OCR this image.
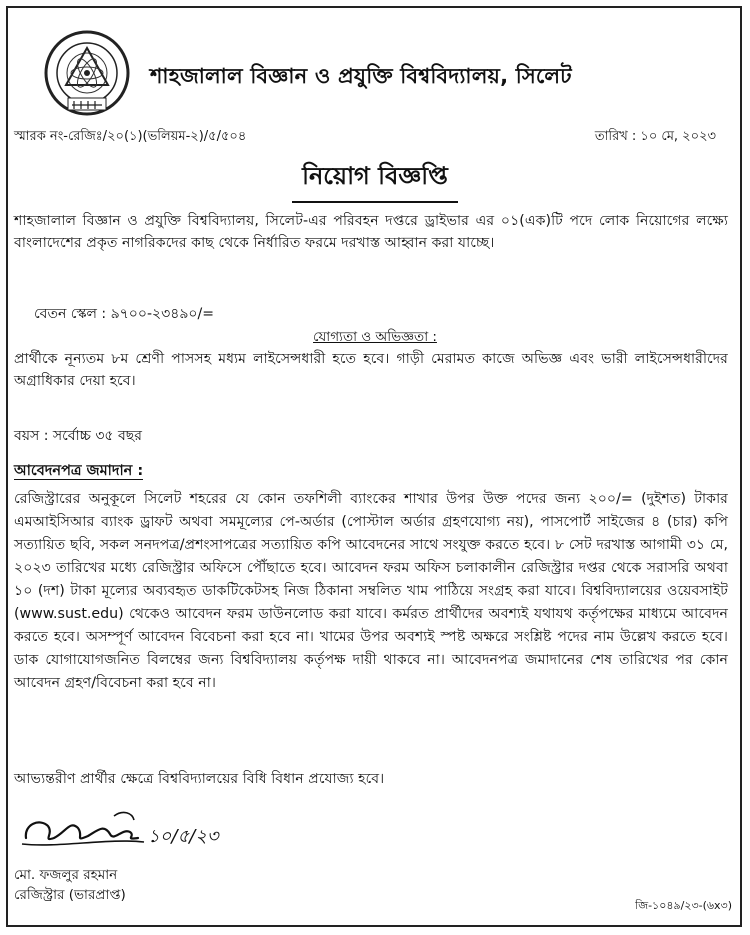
শাহজালাল বিজ্ঞান ও প্রযুক্তি বিশ্ববিদ্যালয়, সিলেট
স্মারক নং-রেজিঃ/২০(১)(ভলিয়ম-২)/৫/৫০৪	তারিখ : ১০ মে, ২০২৩
নিয়োগ বিজ্ঞপ্তি
শাহজালাল বিজ্ঞান ও প্রযুক্তি বিশ্ববিদ্যালয়, সিলেট-এর পরিবহন দপ্তরে ড্রাইভার এর ০১(এক)টি পদে লোক নিয়োগের লক্ষ্যে বাংলাদেশের প্রকৃত নাগরিকদের কাছ থেকে নির্ধারিত ফরমে দরখাস্ত আহ্বান করা যাচ্ছে।
বেতন স্কেল : ৯৭০০-২৩৪৯০/=
যোগ্যতা ও অভিজ্ঞতা :
প্রার্থীকে নূন্যতম ৮ম শ্রেণী পাসসহ মধ্যম লাইসেন্সধারী হতে হবে। গাড়ী মেরামত কাজে অভিজ্ঞ এবং ভারী লাইসেন্সধারীদের অগ্রাধিকার দেয়া হবে।
বয়স : সর্বোচ্চ ৩৫ বছর
আবেদনপত্র জমাদান :
রেজিস্ট্রারের অনুকূলে সিলেট শহরের যে কোন তফশিলী ব্যাংকের শাখার উপর উক্ত পদের জন্য ২০০/= (দুইশত) টাকার এমআইসিআর ব্যাংক ড্রাফট অথবা সমমূল্যের পে-অর্ডার (পোস্টাল অর্ডার গ্রহণযোগ্য নয়), পাসপোর্ট সাইজের ৪ (চার) কপি সত্যায়িত ছবি, সকল সনদপত্র/প্রশংসাপত্রের সত্যায়িত কপি আবেদনের সাথে সংযুক্ত করতে হবে। ৮ সেট দরখাস্ত আগামী ৩১ মে, ২০২৩ তারিখের মধ্যে রেজিস্ট্রার অফিসে পৌঁছাতে হবে। আবেদন ফরম অফিস চলাকালীন রেজিস্ট্রার দপ্তর থেকে সরাসরি অথবা ১০ (দশ) টাকা মূল্যের অব্যবহৃত ডাকটিকেটসহ নিজ ঠিকানা সম্বলিত খাম পাঠিয়ে সংগ্রহ করা যাবে। বিশ্ববিদ্যালয়ের ওয়েবসাইট (www.sust.edu) থেকেও আবেদন ফরম ডাউনলোড করা যাবে। কর্মরত প্রার্থীদের অবশ্যই যথাযথ কর্তৃপক্ষের মাধ্যমে আবেদন করতে হবে। অসম্পূর্ণ আবেদন বিবেচনা করা হবে না। খামের উপর অবশ্যই স্পষ্ট অক্ষরে সংশ্লিষ্ট পদের নাম উল্লেখ করতে হবে। ডাক যোগাযোগজনিত বিলম্বের জন্য বিশ্ববিদ্যালয় কর্তৃপক্ষ দায়ী থাকবে না। আবেদনপত্র জমাদানের শেষ তারিখের পর কোন আবেদন গ্রহণ/বিবেচনা করা হবে না।
আভ্যন্তরীণ প্রার্থীর ক্ষেত্রে বিশ্ববিদ্যালয়ের বিধি বিধান প্রযোজ্য হবে।
১০/৫/২৩
মো. ফজলুর রহমান
রেজিস্ট্রার (ভারপ্রাপ্ত)
জি-১০৪৯/২৩-(৬x৩)
